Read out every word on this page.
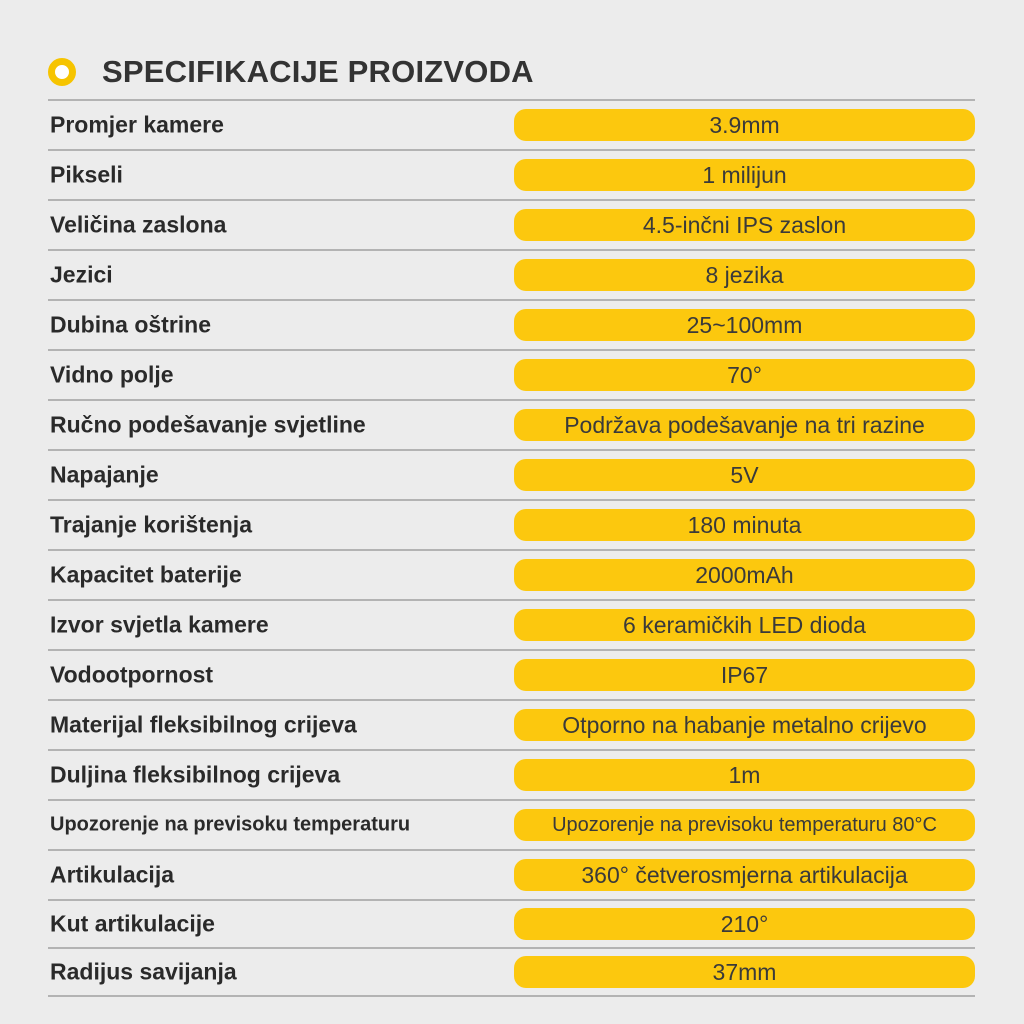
SPECIFIKACIJE PROIZVODA
Promjer kamere	3.9mm
Pikseli	1 milijun
Veličina zaslona	4.5-inčni IPS zaslon
Jezici	8 jezika
Dubina oštrine	25~100mm
Vidno polje	70°
Ručno podešavanje svjetline	Podržava podešavanje na tri razine
Napajanje	5V
Trajanje korištenja	180 minuta
Kapacitet baterije	2000mAh
Izvor svjetla kamere	6 keramičkih LED dioda
Vodootpornost	IP67
Materijal fleksibilnog crijeva	Otporno na habanje metalno crijevo
Duljina fleksibilnog crijeva	1m
Upozorenje na previsoku temperaturu	Upozorenje na previsoku temperaturu 80°C
Artikulacija	360° četverosmjerna artikulacija
Kut artikulacije	210°
Radijus savijanja	37mm
